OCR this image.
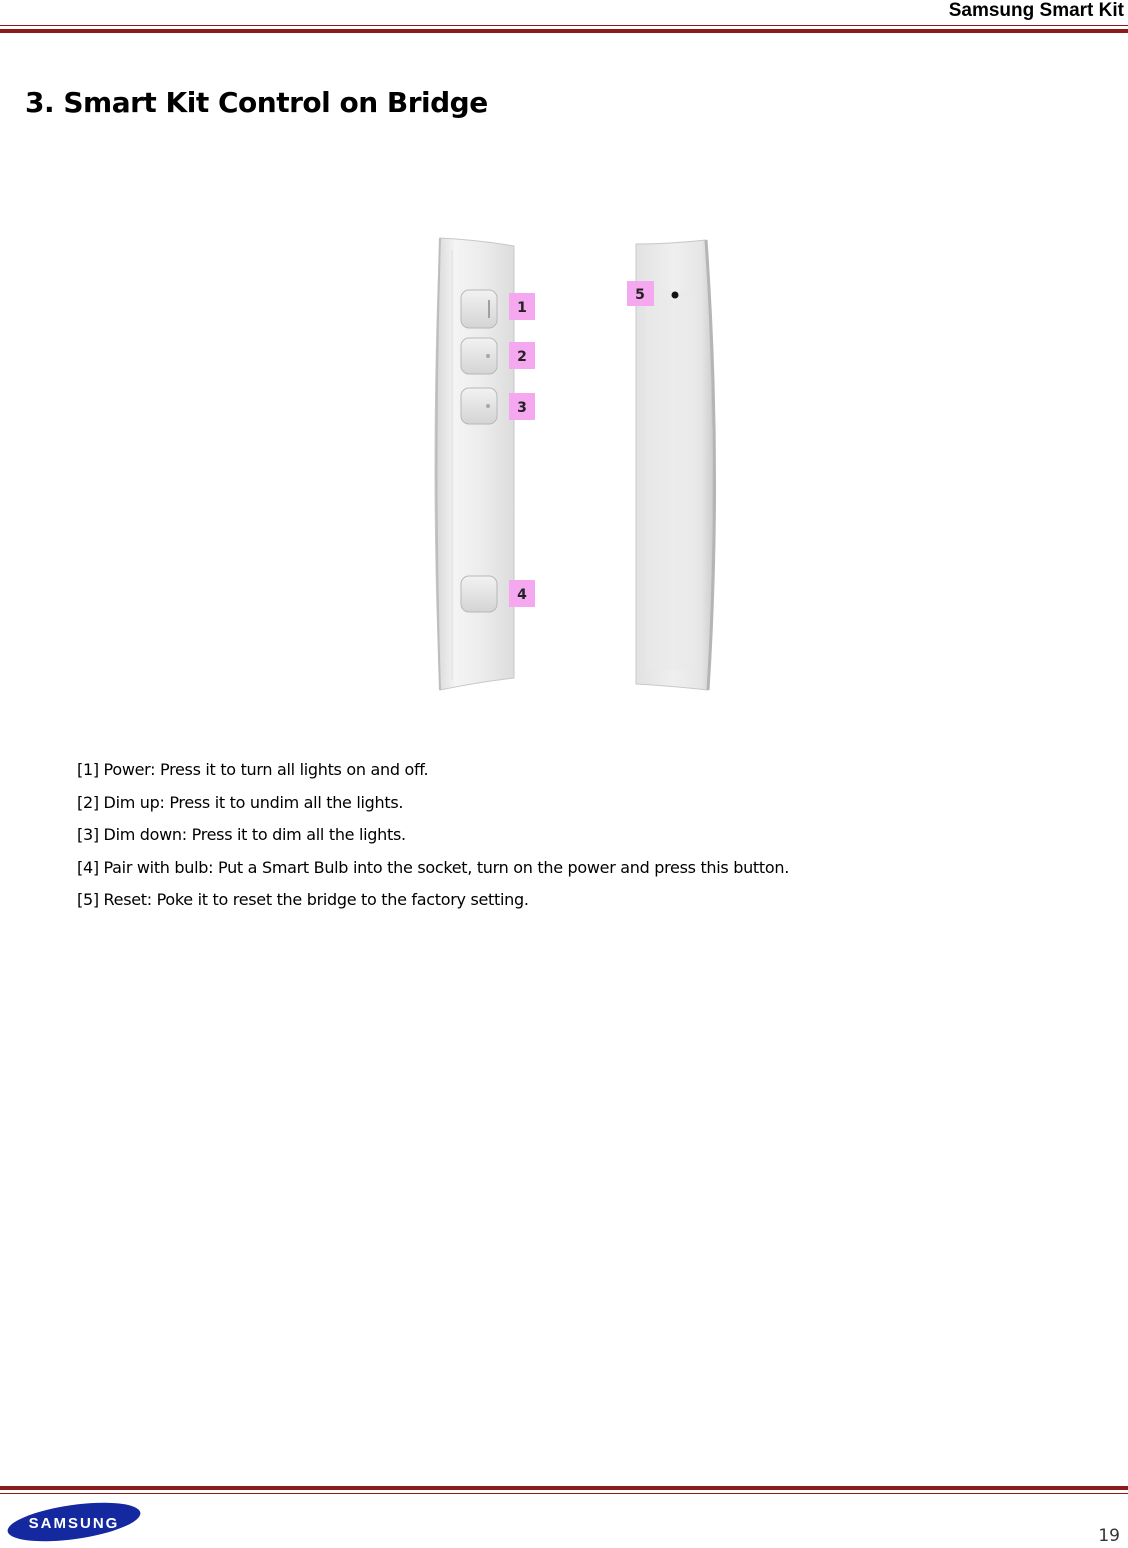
Samsung Smart Kit
3. Smart Kit Control on Bridge
1
2
3
4
5
[1] Power: Press it to turn all lights on and off.
[2] Dim up: Press it to undim all the lights.
[3] Dim down: Press it to dim all the lights.
[4] Pair with bulb: Put a Smart Bulb into the socket, turn on the power and press this button.
[5] Reset: Poke it to reset the bridge to the factory setting.
SAMSUNG
19
